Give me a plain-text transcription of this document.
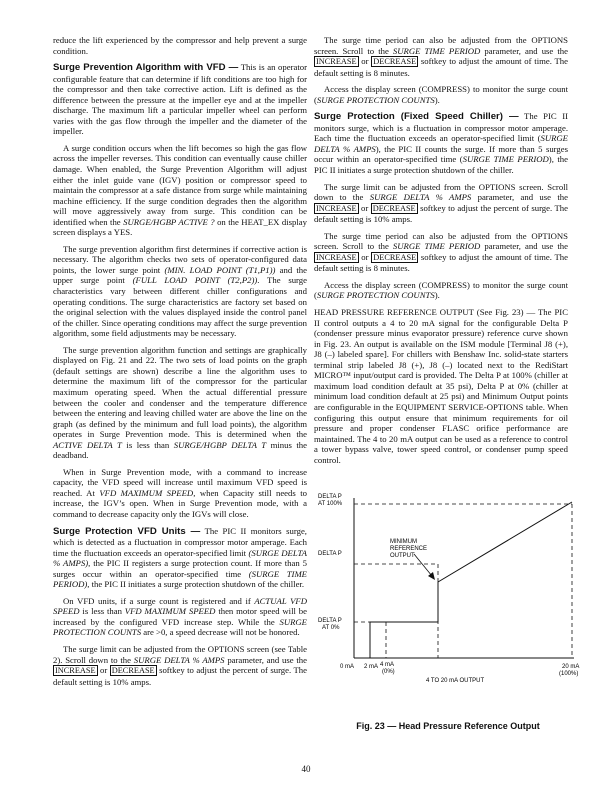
reduce the lift experienced by the compressor and help prevent a surge condition.

Surge Prevention Algorithm with VFD — This is an operator configurable feature that can determine if lift conditions are too high for the compressor and then take corrective action. Lift is defined as the difference between the pressure at the impeller eye and at the impeller discharge. The maximum lift a particular impeller wheel can perform varies with the gas flow through the impeller and the diameter of the impeller.

A surge condition occurs when the lift becomes so high the gas flow across the impeller reverses. This condition can eventually cause chiller damage. When enabled, the Surge Prevention Algorithm will adjust either the inlet guide vane (IGV) position or compressor speed to maintain the compressor at a safe distance from surge while maintaining machine efficiency. If the surge condition degrades then the algorithm will move aggressively away from surge. This condition can be identified when the SURGE/HGBP ACTIVE ? on the HEAT_EX display screen displays a YES.

The surge prevention algorithm first determines if corrective action is necessary. The algorithm checks two sets of operator-configured data points, the lower surge point (MIN. LOAD POINT (T1,P1)) and the upper surge point (FULL LOAD POINT (T2,P2)). The surge characteristics vary between different chiller configurations and operating conditions. The surge characteristics are factory set based on the original selection with the values displayed inside the control panel of the chiller. Since operating conditions may affect the surge prevention algorithm, some field adjustments may be necessary.

The surge prevention algorithm function and settings are graphically displayed on Fig. 21 and 22. The two sets of load points on the graph (default settings are shown) describe a line the algorithm uses to determine the maximum lift of the compressor for the particular maximum operating speed. When the actual differential pressure between the cooler and condenser and the temperature difference between the entering and leaving chilled water are above the line on the graph (as defined by the minimum and full load points), the algorithm operates in Surge Prevention mode. This is determined when the ACTIVE DELTA T is less than SURGE/HGBP DELTA T minus the deadband.

When in Surge Prevention mode, with a command to increase capacity, the VFD speed will increase until maximum VFD speed is reached. At VFD MAXIMUM SPEED, when Capacity still needs to increase, the IGV’s open. When in Surge Prevention mode, with a command to decrease capacity only the IGVs will close.

Surge Protection VFD Units — The PIC II monitors surge, which is detected as a fluctuation in compressor motor amperage. Each time the fluctuation exceeds an operator-specified limit (SURGE DELTA % AMPS), the PIC II registers a surge protection count. If more than 5 surges occur within an operator-specified time (SURGE TIME PERIOD), the PIC II initiates a surge protection shutdown of the chiller.

On VFD units, if a surge count is registered and if ACTUAL VFD SPEED is less than VFD MAXIMUM SPEED then motor speed will be increased by the configured VFD increase step. While the SURGE PROTECTION COUNTS are >0, a speed decrease will not be honored.

The surge limit can be adjusted from the OPTIONS screen (see Table 2). Scroll down to the SURGE DELTA % AMPS parameter, and use the INCREASE or DECREASE softkey to adjust the percent of surge. The default setting is 10% amps.

The surge time period can also be adjusted from the OPTIONS screen. Scroll to the SURGE TIME PERIOD parameter, and use the INCREASE or DECREASE softkey to adjust the amount of time. The default setting is 8 minutes.

Access the display screen (COMPRESS) to monitor the surge count (SURGE PROTECTION COUNTS).

Surge Protection (Fixed Speed Chiller) — The PIC II monitors surge, which is a fluctuation in compressor motor amperage. Each time the fluctuation exceeds an operator-specified limit (SURGE DELTA % AMPS), the PIC II counts the surge. If more than 5 surges occur within an operator-specified time (SURGE TIME PERIOD), the PIC II initiates a surge protection shutdown of the chiller.

The surge limit can be adjusted from the OPTIONS screen. Scroll down to the SURGE DELTA % AMPS parameter, and use the INCREASE or DECREASE softkey to adjust the percent of surge. The default setting is 10% amps.

The surge time period can also be adjusted from the OPTIONS screen. Scroll to the SURGE TIME PERIOD parameter, and use the INCREASE or DECREASE softkey to adjust the amount of time. The default setting is 8 minutes.

Access the display screen (COMPRESS) to monitor the surge count (SURGE PROTECTION COUNTS).

HEAD PRESSURE REFERENCE OUTPUT (See Fig. 23) — The PIC II control outputs a 4 to 20 mA signal for the configurable Delta P (condenser pressure minus evaporator pressure) reference curve shown in Fig. 23. An output is available on the ISM module [Terminal J8 (+), J8 (–) labeled spare]. For chillers with Benshaw Inc. solid-state starters terminal strip labeled J8 (+), J8 (–) located next to the RediStart MICRO™ input/output card is provided. The Delta P at 100% (chiller at maximum load condition default at 35 psi), Delta P at 0% (chiller at minimum load condition default at 25 psi) and Minimum Output points are configurable in the EQUIPMENT SERVICE-OPTIONS table. When configuring this output ensure that minimum requirements for oil pressure and proper condenser FLASC orifice performance are maintained. The 4 to 20 mA output can be used as a reference to control a tower bypass valve, tower speed control, or condenser pump speed control.

DELTA P
AT 100%
DELTA P
DELTA P
AT 0%
MINIMUM
REFERENCE
OUTPUT
0 mA 2 mA 4 mA
(0%)
20 mA
(100%)
4 TO 20 mA OUTPUT
Fig. 23 — Head Pressure Reference Output
40
